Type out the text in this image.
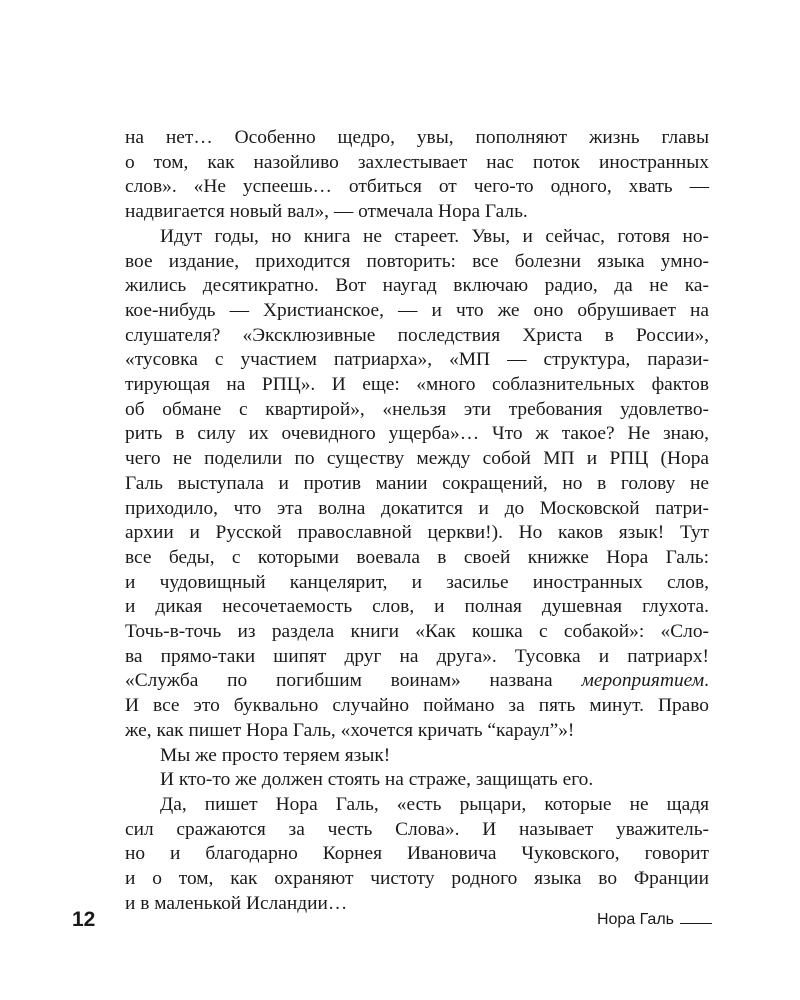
на нет… Особенно щедро, увы, пополняют жизнь главы
о том, как назойливо захлестывает нас поток иностранных
слов». «Не успеешь… отбиться от чего-то одного, хвать —
надвигается новый вал», — отмечала Нора Галь.
Идут годы, но книга не стареет. Увы, и сейчас, готовя но-
вое издание, приходится повторить: все болезни языка умно-
жились десятикратно. Вот наугад включаю радио, да не ка-
кое-нибудь — Христианское, — и что же оно обрушивает на
слушателя? «Эксклюзивные последствия Христа в России»,
«тусовка с участием патриарха», «МП — структура, парази-
тирующая на РПЦ». И еще: «много соблазнительных фактов
об обмане с квартирой», «нельзя эти требования удовлетво-
рить в силу их очевидного ущерба»… Что ж такое? Не знаю,
чего не поделили по существу между собой МП и РПЦ (Нора
Галь выступала и против мании сокращений, но в голову не
приходило, что эта волна докатится и до Московской патри-
архии и Русской православной церкви!). Но каков язык! Тут
все беды, с которыми воевала в своей книжке Нора Галь:
и чудовищный канцелярит, и засилье иностранных слов,
и дикая несочетаемость слов, и полная душевная глухота.
Точь-в-точь из раздела книги «Как кошка с собакой»: «Сло-
ва прямо-таки шипят друг на друга». Тусовка и патриарх!
«Служба по погибшим воинам» названа мероприятием.
И все это буквально случайно поймано за пять минут. Право
же, как пишет Нора Галь, «хочется кричать “караул”»!
Мы же просто теряем язык!
И кто-то же должен стоять на страже, защищать его.
Да, пишет Нора Галь, «есть рыцари, которые не щадя
сил сражаются за честь Слова». И называет уважитель-
но и благодарно Корнея Ивановича Чуковского, говорит
и о том, как охраняют чистоту родного языка во Франции
и в маленькой Исландии…
12	Нора Галь
